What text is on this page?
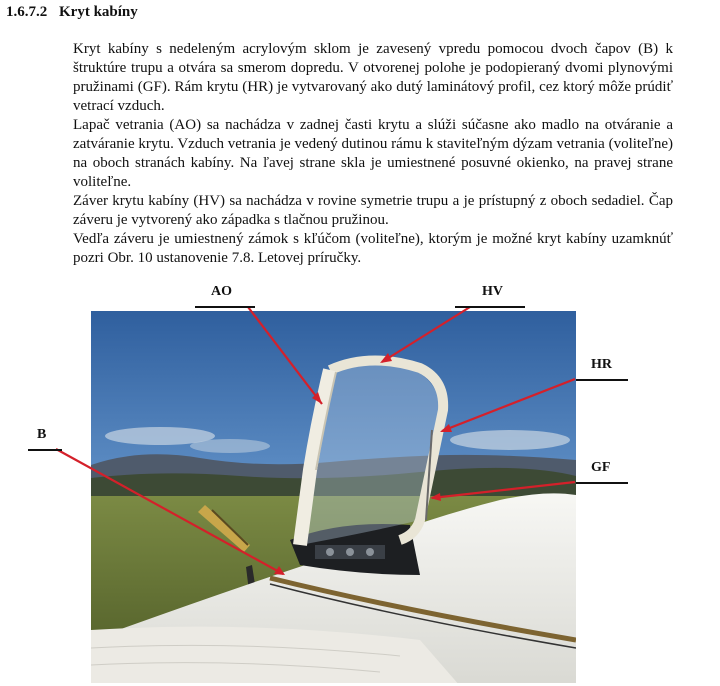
1.6.7.2 Kryt kabíny

Kryt kabíny s nedeleným acrylovým sklom je zavesený vpredu pomocou dvoch čapov (B) k štruktúre trupu a otvára sa smerom dopredu. V otvorenej polohe je podopieraný dvomi plynovými pružinami (GF). Rám krytu (HR) je vytvarovaný ako dutý laminátový profil, cez ktorý môže prúdiť vetrací vzduch.

Lapač vetrania (AO) sa nachádza v zadnej časti krytu a slúži súčasne ako madlo na otváranie a zatváranie krytu. Vzduch vetrania je vedený dutinou rámu k staviteľným dýzam vetrania (voliteľne) na oboch stranách kabíny. Na ľavej strane skla je umiestnené posuvné okienko, na pravej strane voliteľne.

Záver krytu kabíny (HV) sa nachádza v rovine symetrie trupu a je prístupný z oboch sedadiel. Čap záveru je vytvorený ako západka s tlačnou pružinou.

Vedľa záveru je umiestnený zámok s kľúčom (voliteľne), ktorým je možné kryt kabíny uzamknúť pozri Obr. 10 ustanovenie 7.8. Letovej príručky.

AO	HV
HR
B
GF
